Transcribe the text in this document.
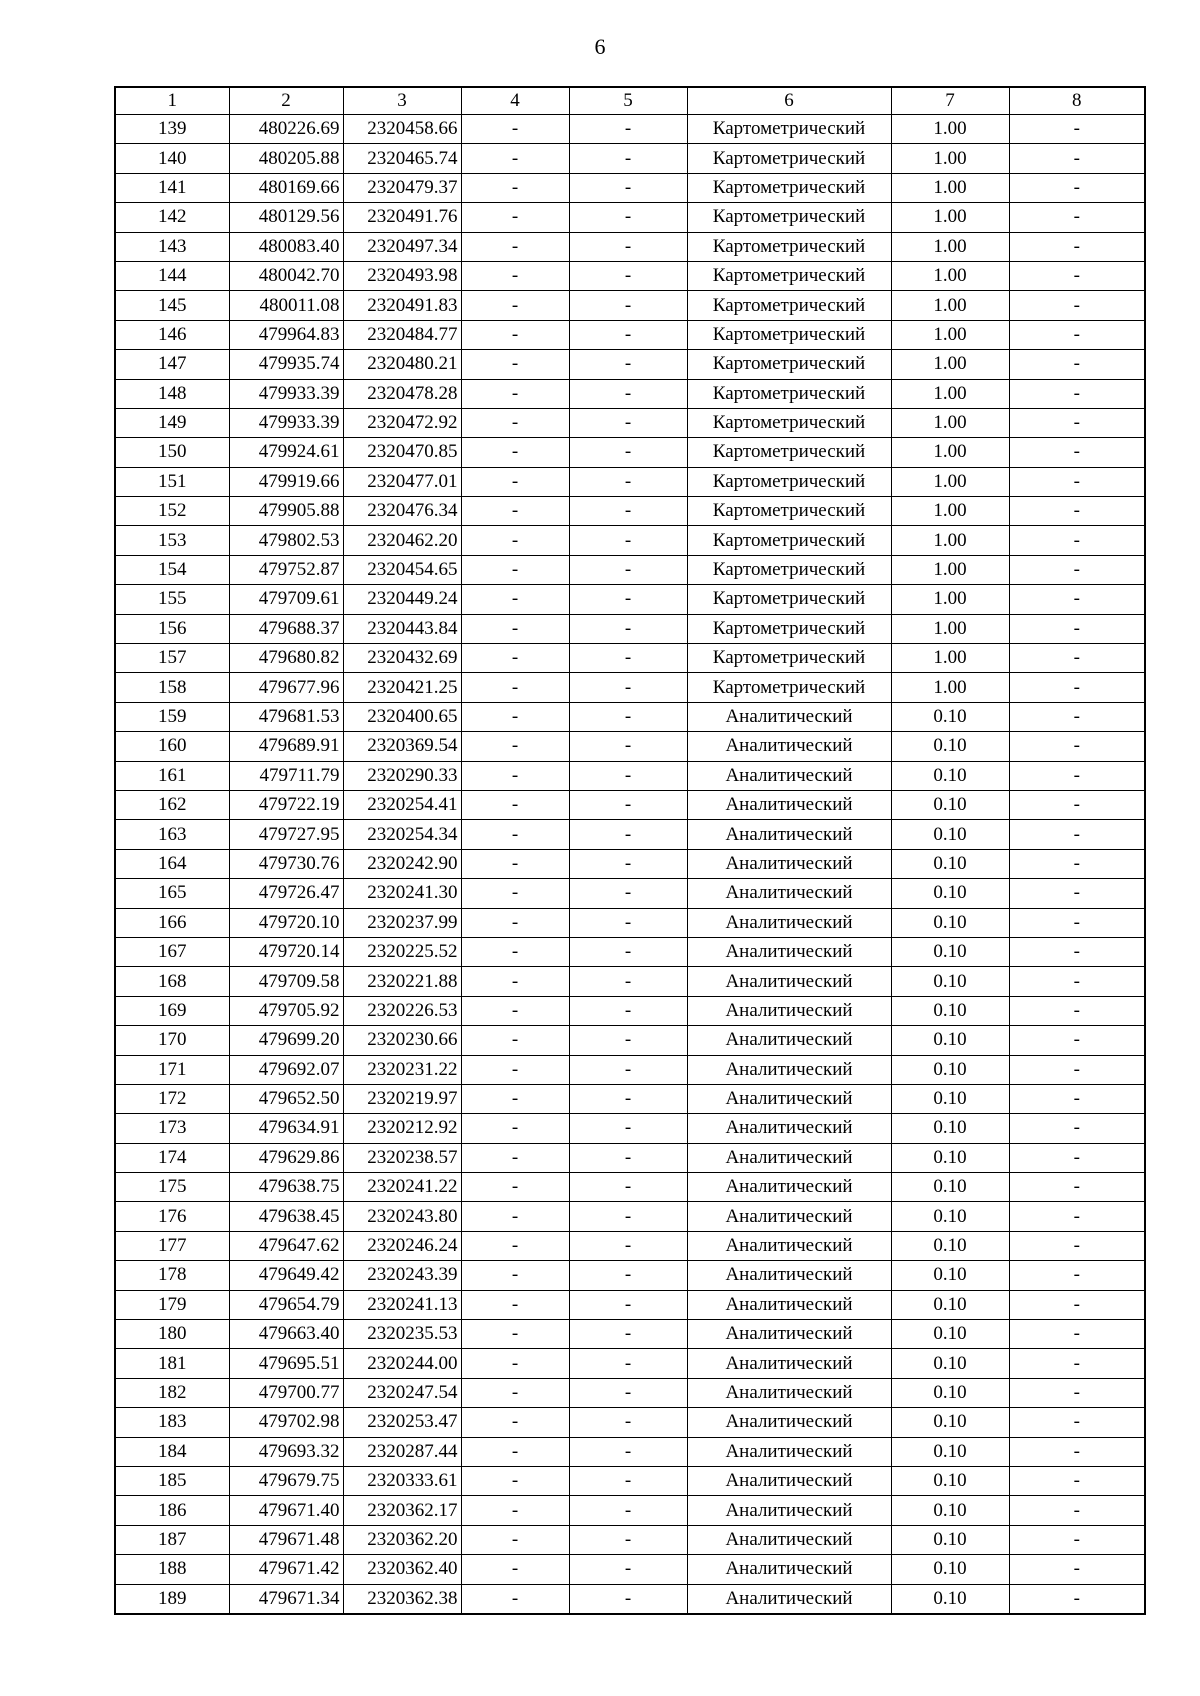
6
1	2	3	4	5	6	7	8
139	480226.69	2320458.66	-	-	Картометрический	1.00	-
140	480205.88	2320465.74	-	-	Картометрический	1.00	-
141	480169.66	2320479.37	-	-	Картометрический	1.00	-
142	480129.56	2320491.76	-	-	Картометрический	1.00	-
143	480083.40	2320497.34	-	-	Картометрический	1.00	-
144	480042.70	2320493.98	-	-	Картометрический	1.00	-
145	480011.08	2320491.83	-	-	Картометрический	1.00	-
146	479964.83	2320484.77	-	-	Картометрический	1.00	-
147	479935.74	2320480.21	-	-	Картометрический	1.00	-
148	479933.39	2320478.28	-	-	Картометрический	1.00	-
149	479933.39	2320472.92	-	-	Картометрический	1.00	-
150	479924.61	2320470.85	-	-	Картометрический	1.00	-
151	479919.66	2320477.01	-	-	Картометрический	1.00	-
152	479905.88	2320476.34	-	-	Картометрический	1.00	-
153	479802.53	2320462.20	-	-	Картометрический	1.00	-
154	479752.87	2320454.65	-	-	Картометрический	1.00	-
155	479709.61	2320449.24	-	-	Картометрический	1.00	-
156	479688.37	2320443.84	-	-	Картометрический	1.00	-
157	479680.82	2320432.69	-	-	Картометрический	1.00	-
158	479677.96	2320421.25	-	-	Картометрический	1.00	-
159	479681.53	2320400.65	-	-	Аналитический	0.10	-
160	479689.91	2320369.54	-	-	Аналитический	0.10	-
161	479711.79	2320290.33	-	-	Аналитический	0.10	-
162	479722.19	2320254.41	-	-	Аналитический	0.10	-
163	479727.95	2320254.34	-	-	Аналитический	0.10	-
164	479730.76	2320242.90	-	-	Аналитический	0.10	-
165	479726.47	2320241.30	-	-	Аналитический	0.10	-
166	479720.10	2320237.99	-	-	Аналитический	0.10	-
167	479720.14	2320225.52	-	-	Аналитический	0.10	-
168	479709.58	2320221.88	-	-	Аналитический	0.10	-
169	479705.92	2320226.53	-	-	Аналитический	0.10	-
170	479699.20	2320230.66	-	-	Аналитический	0.10	-
171	479692.07	2320231.22	-	-	Аналитический	0.10	-
172	479652.50	2320219.97	-	-	Аналитический	0.10	-
173	479634.91	2320212.92	-	-	Аналитический	0.10	-
174	479629.86	2320238.57	-	-	Аналитический	0.10	-
175	479638.75	2320241.22	-	-	Аналитический	0.10	-
176	479638.45	2320243.80	-	-	Аналитический	0.10	-
177	479647.62	2320246.24	-	-	Аналитический	0.10	-
178	479649.42	2320243.39	-	-	Аналитический	0.10	-
179	479654.79	2320241.13	-	-	Аналитический	0.10	-
180	479663.40	2320235.53	-	-	Аналитический	0.10	-
181	479695.51	2320244.00	-	-	Аналитический	0.10	-
182	479700.77	2320247.54	-	-	Аналитический	0.10	-
183	479702.98	2320253.47	-	-	Аналитический	0.10	-
184	479693.32	2320287.44	-	-	Аналитический	0.10	-
185	479679.75	2320333.61	-	-	Аналитический	0.10	-
186	479671.40	2320362.17	-	-	Аналитический	0.10	-
187	479671.48	2320362.20	-	-	Аналитический	0.10	-
188	479671.42	2320362.40	-	-	Аналитический	0.10	-
189	479671.34	2320362.38	-	-	Аналитический	0.10	-
